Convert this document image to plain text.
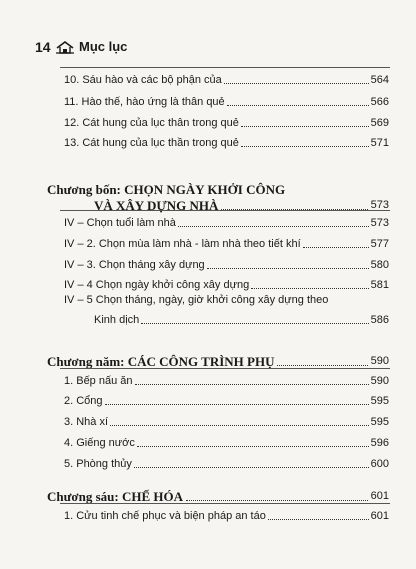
14 Mục lục
10. Sáu hào và các bộ phận của	564
11. Hào thế, hào ứng là thân quẻ	566
12. Cát hung của lục thân trong quẻ	569
13. Cát hung của lục thần trong quẻ	571
Chương bốn: CHỌN NGÀY KHỞI CÔNG
VÀ XÂY DỰNG NHÀ	573
IV – Chọn tuổi làm nhà	573
IV – 2. Chọn mùa làm nhà - làm nhà theo tiết khí	577
IV – 3. Chọn tháng xây dựng	580
IV – 4 Chọn ngày khởi công xây dựng	581
IV – 5 Chọn tháng, ngày, giờ khởi công xây dựng theo
Kinh dịch	586
Chương năm: CÁC CÔNG TRÌNH PHỤ	590
1. Bếp nấu ăn	590
2. Cổng	595
3. Nhà xí	595
4. Giếng nước	596
5. Phòng thủy	600
Chương sáu: CHẾ HÓA	601
1. Cửu tinh chế phục và biện pháp an táo	601
